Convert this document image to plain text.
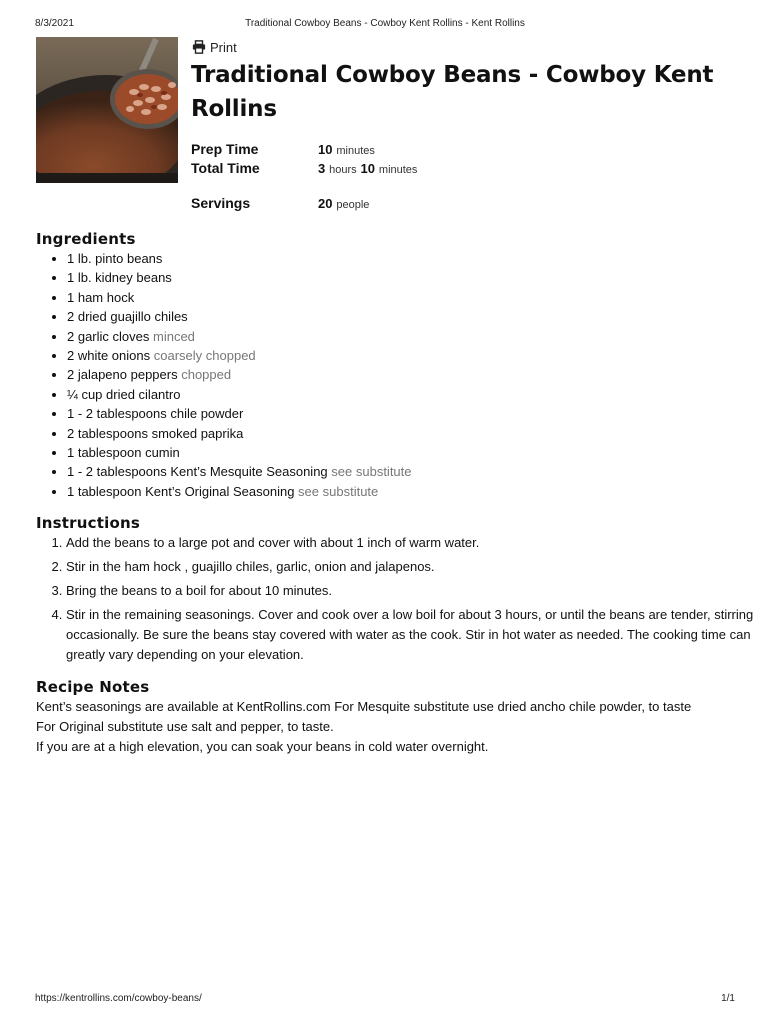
8/3/2021	Traditional Cowboy Beans - Cowboy Kent Rollins - Kent Rollins
Print
Traditional Cowboy Beans - Cowboy Kent Rollins
Prep Time	10 minutes
Total Time	3 hours 10 minutes
Servings	20 people
Ingredients
• 1 lb. pinto beans
• 1 lb. kidney beans
• 1 ham hock
• 2 dried guajillo chiles
• 2 garlic cloves minced
• 2 white onions coarsely chopped
• 2 jalapeno peppers chopped
• ¼ cup dried cilantro
• 1 - 2 tablespoons chile powder
• 2 tablespoons smoked paprika
• 1 tablespoon cumin
• 1 - 2 tablespoons Kent’s Mesquite Seasoning see substitute
• 1 tablespoon Kent’s Original Seasoning see substitute
Instructions
1. Add the beans to a large pot and cover with about 1 inch of warm water.
2. Stir in the ham hock , guajillo chiles, garlic, onion and jalapenos.
3. Bring the beans to a boil for about 10 minutes.
4. Stir in the remaining seasonings. Cover and cook over a low boil for about 3 hours, or until the beans are tender, stirring occasionally. Be sure the beans stay covered with water as the cook. Stir in hot water as needed. The cooking time can greatly vary depending on your elevation.
Recipe Notes

Kent’s seasonings are available at KentRollins.com For Mesquite substitute use dried ancho chile powder, to taste

For Original substitute use salt and pepper, to taste.

If you are at a high elevation, you can soak your beans in cold water overnight.

https://kentrollins.com/cowboy-beans/	1/1
